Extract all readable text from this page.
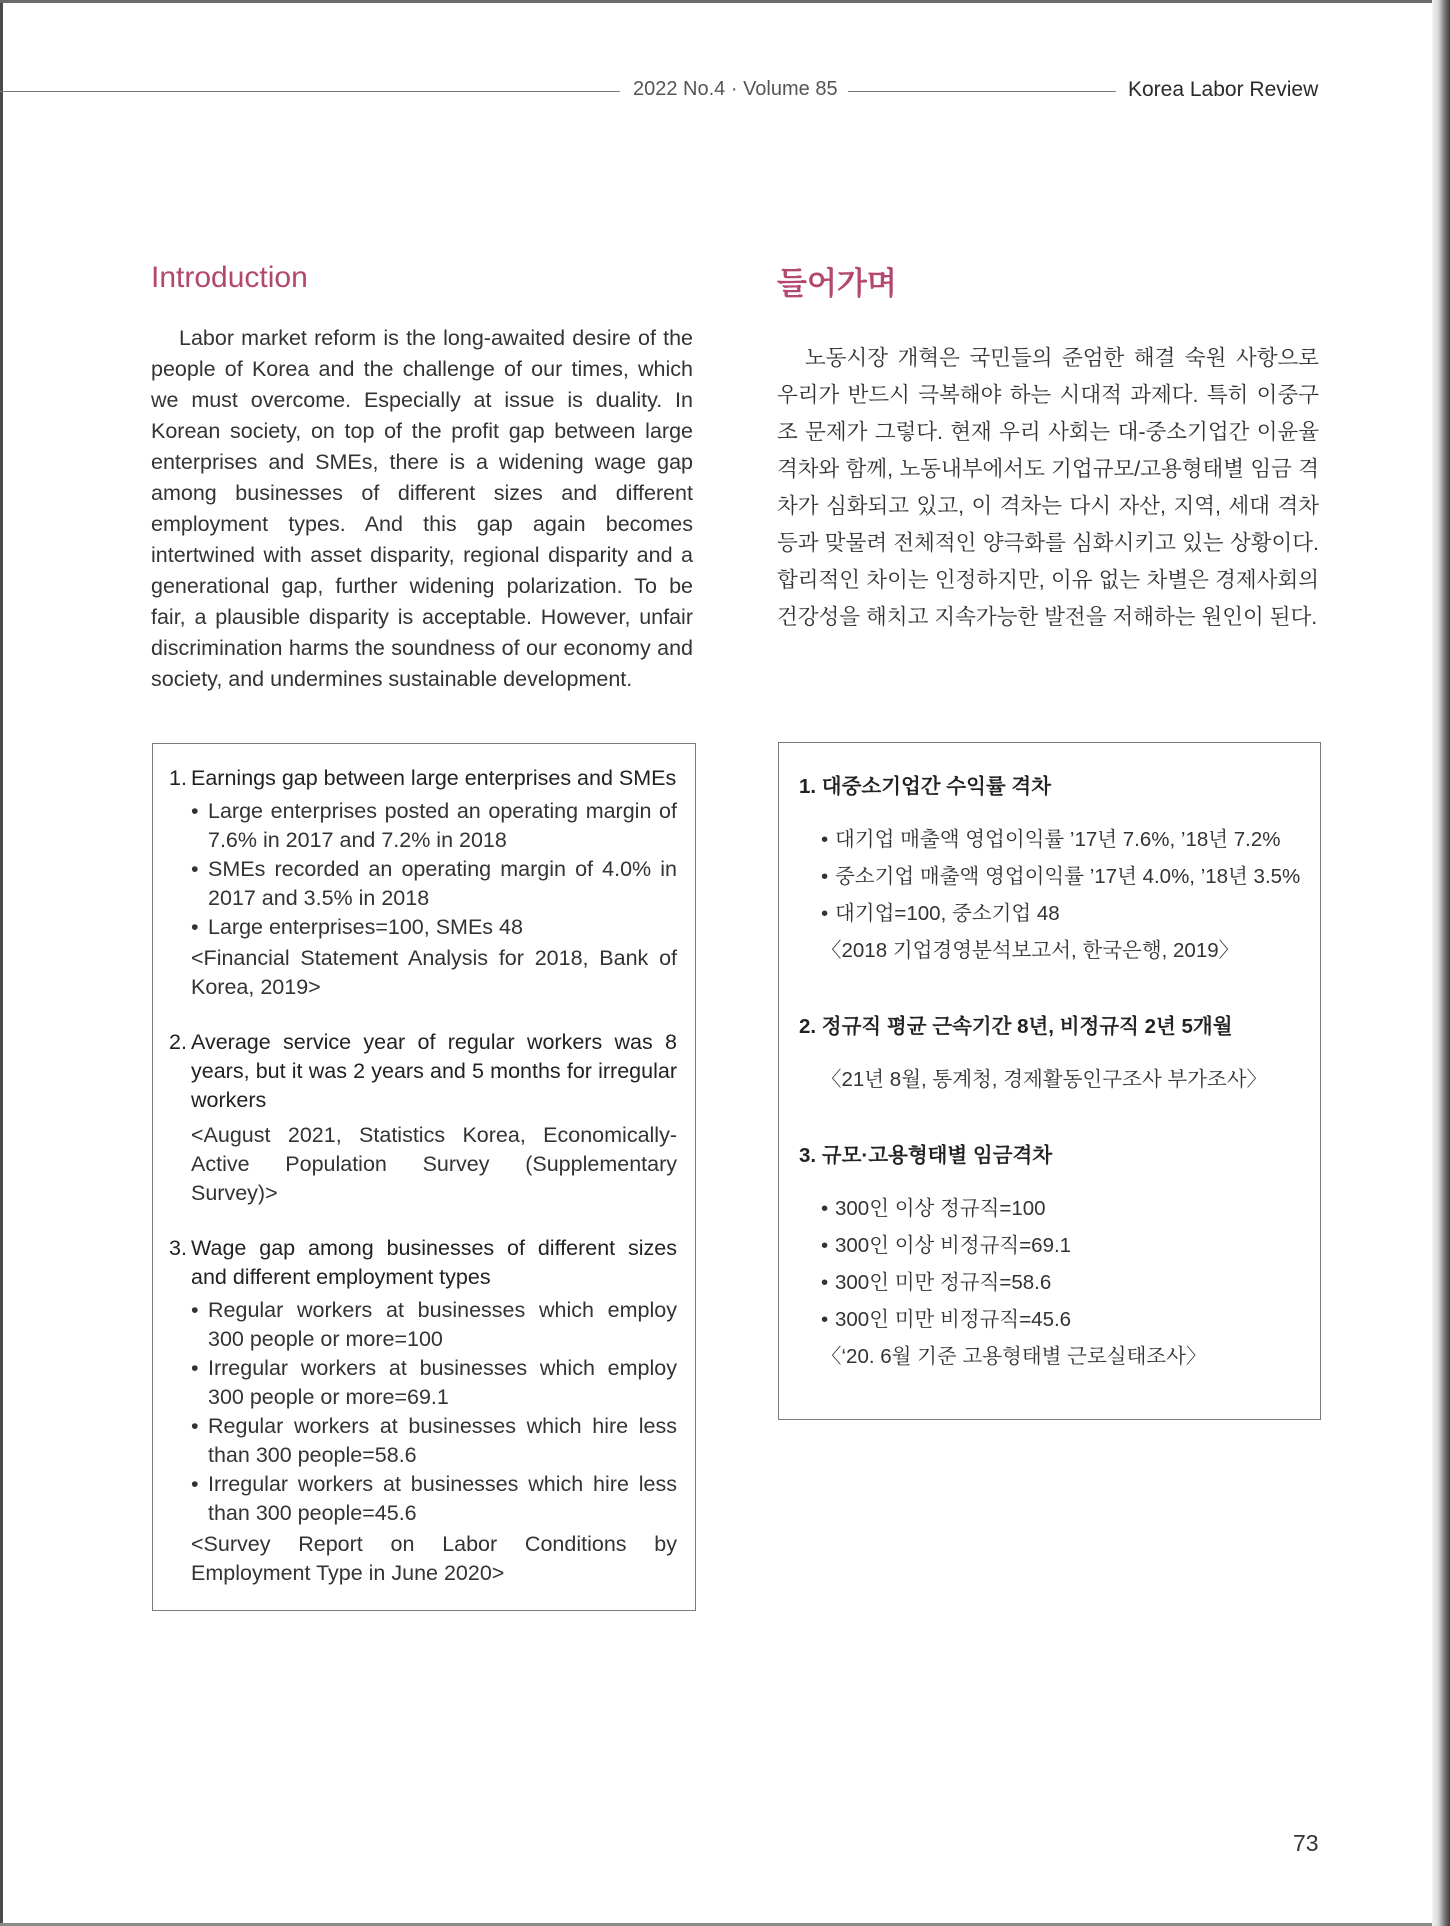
2022 No.4 · Volume 85	Korea Labor Review
Introduction	들어가며

Labor market reform is the long-awaited desire of the people of Korea and the challenge of our times, which we must overcome. Especially at issue is duality. In Korean society, on top of the profit gap between large enterprises and SMEs, there is a widening wage gap among businesses of different sizes and different employment types. And this gap again becomes intertwined with asset disparity, regional disparity and a generational gap, further widening polarization. To be fair, a plausible disparity is acceptable. However, unfair discrimination harms the soundness of our economy and society, and undermines sustainable development.

노동시장 개혁은 국민들의 준엄한 해결 숙원 사항으로 우리가 반드시 극복해야 하는 시대적 과제다. 특히 이중구조 문제가 그렇다. 현재 우리 사회는 대-중소기업간 이윤율 격차와 함께, 노동내부에서도 기업규모/고용형태별 임금 격차가 심화되고 있고, 이 격차는 다시 자산, 지역, 세대 격차 등과 맞물려 전체적인 양극화를 심화시키고 있는 상황이다. 합리적인 차이는 인정하지만, 이유 없는 차별은 경제사회의 건강성을 해치고 지속가능한 발전을 저해하는 원인이 된다.

1. Earnings gap between large enterprises and SMEs

• Large enterprises posted an operating margin of 7.6% in 2017 and 7.2% in 2018
• SMEs recorded an operating margin of 4.0% in 2017 and 3.5% in 2018
• Large enterprises=100, SMEs 48
<Financial Statement Analysis for 2018, Bank of Korea, 2019>

2. Average service year of regular workers was 8 years, but it was 2 years and 5 months for irregular workers

<August 2021, Statistics Korea, Economically-Active Population Survey (Supplementary Survey)>

3. Wage gap among businesses of different sizes and different employment types

• Regular workers at businesses which employ 300 people or more=100
• Irregular workers at businesses which employ 300 people or more=69.1
• Regular workers at businesses which hire less than 300 people=58.6
• Irregular workers at businesses which hire less than 300 people=45.6
<Survey Report on Labor Conditions by Employment Type in June 2020>

1. 대중소기업간 수익률 격차

• 대기업 매출액 영업이익률 ’17년 7.6%, ’18년 7.2%
• 중소기업 매출액 영업이익률 ’17년 4.0%, ’18년 3.5%
• 대기업=100, 중소기업 48
〈2018 기업경영분석보고서, 한국은행, 2019〉

2. 정규직 평균 근속기간 8년, 비정규직 2년 5개월

〈21년 8월, 통계청, 경제활동인구조사 부가조사〉

3. 규모·고용형태별 임금격차

• 300인 이상 정규직=100
• 300인 이상 비정규직=69.1
• 300인 미만 정규직=58.6
• 300인 미만 비정규직=45.6
〈‘20. 6월 기준 고용형태별 근로실태조사〉
73
